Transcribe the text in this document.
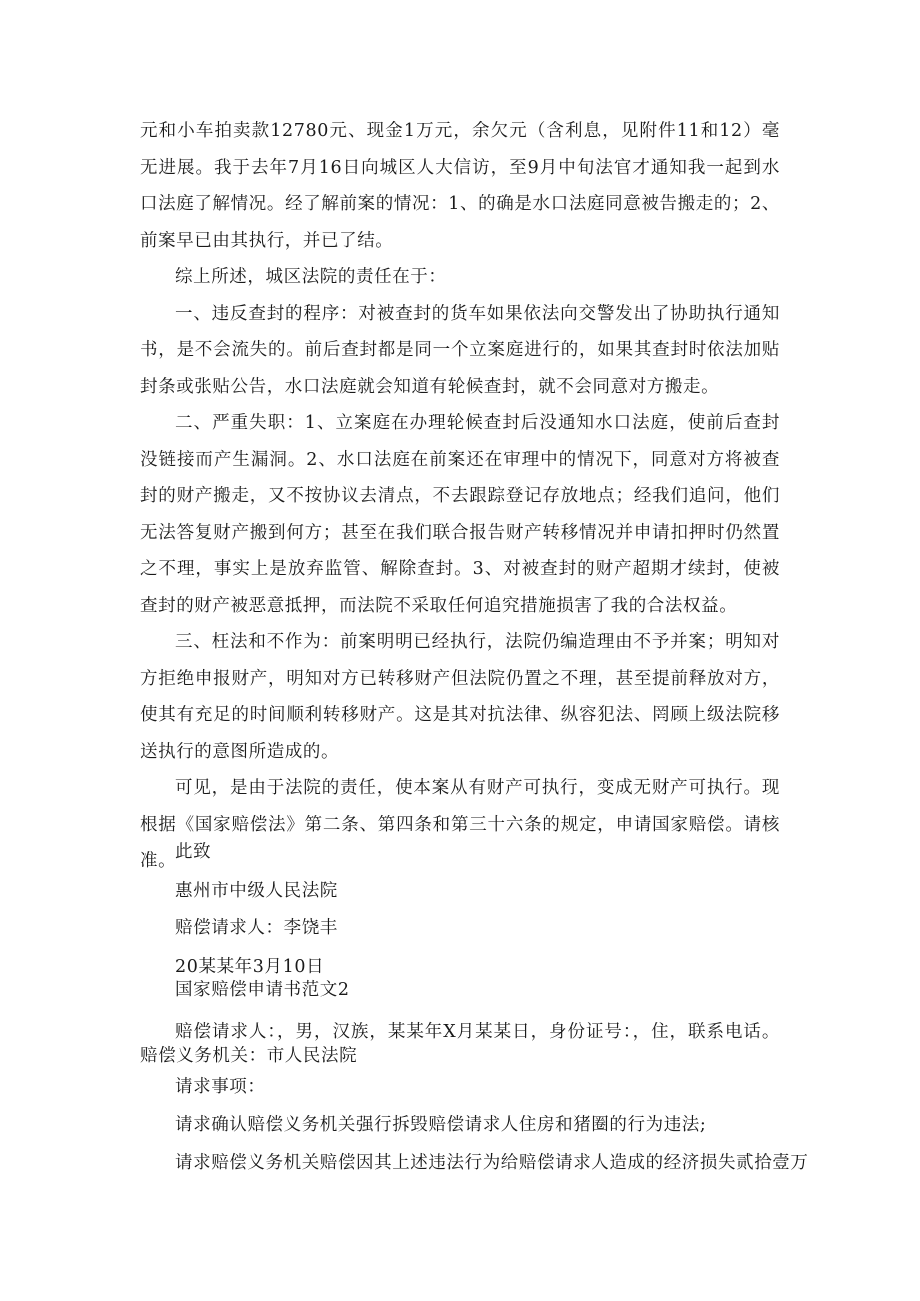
元和小车拍卖款12780元、现金1万元，余欠元（含利息，见附件11和12）毫无进展。我于去年7月16日向城区人大信访，至9月中旬法官才通知我一起到水口法庭了解情况。经了解前案的情况：1、的确是水口法庭同意被告搬走的；2、前案早已由其执行，并已了结。

综上所述，城区法院的责任在于：

一、违反查封的程序：对被查封的货车如果依法向交警发出了协助执行通知书，是不会流失的。前后查封都是同一个立案庭进行的，如果其查封时依法加贴封条或张贴公告，水口法庭就会知道有轮候查封，就不会同意对方搬走。

二、严重失职：1、立案庭在办理轮候查封后没通知水口法庭，使前后查封没链接而产生漏洞。2、水口法庭在前案还在审理中的情况下，同意对方将被查封的财产搬走，又不按协议去清点，不去跟踪登记存放地点；经我们追问，他们无法答复财产搬到何方；甚至在我们联合报告财产转移情况并申请扣押时仍然置之不理，事实上是放弃监管、解除查封。3、对被查封的财产超期才续封，使被查封的财产被恶意抵押，而法院不采取任何追究措施损害了我的合法权益。

三、枉法和不作为：前案明明已经执行，法院仍编造理由不予并案；明知对方拒绝申报财产，明知对方已转移财产但法院仍置之不理，甚至提前释放对方，使其有充足的时间顺利转移财产。这是其对抗法律、纵容犯法、罔顾上级法院移送执行的意图所造成的。

可见，是由于法院的责任，使本案从有财产可执行，变成无财产可执行。现根据《国家赔偿法》第二条、第四条和第三十六条的规定，申请国家赔偿。请核准。

此致

惠州市中级人民法院

赔偿请求人：李饶丰

20某某年3月10日

国家赔偿申请书范文2

赔偿请求人：，男，汉族，某某年X月某某日，身份证号：，住，联系电话。赔偿义务机关：市人民法院

请求事项：

请求确认赔偿义务机关强行拆毁赔偿请求人住房和猪圈的行为违法;

请求赔偿义务机关赔偿因其上述违法行为给赔偿请求人造成的经济损失贰拾壹万
